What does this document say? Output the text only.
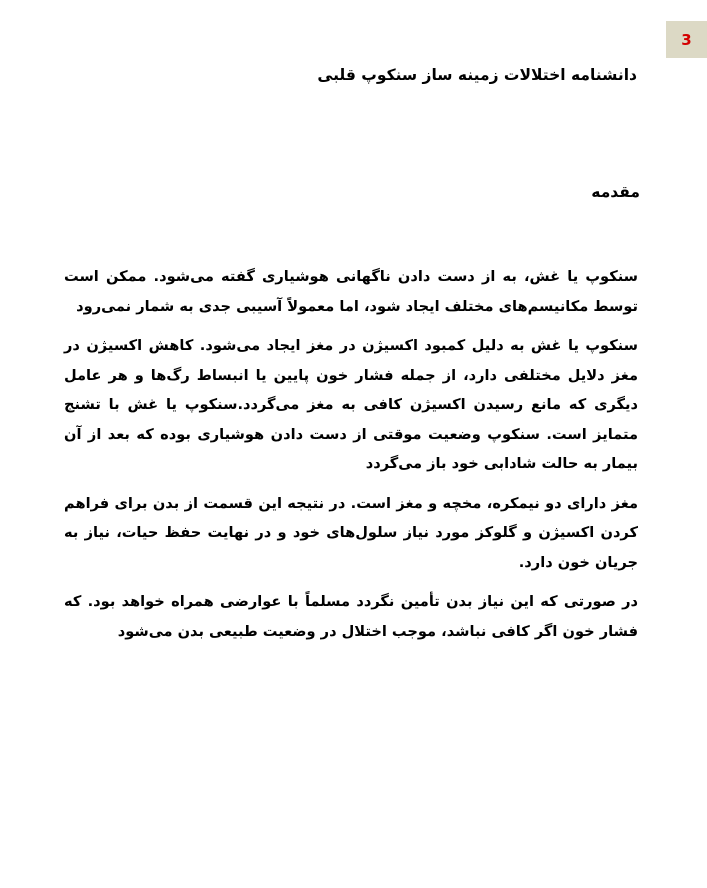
3
دانشنامه اختلالات زمینه ساز سنکوپ قلبی
مقدمه

سنکوپ یا غش، به از دست دادن ناگهانی هوشیاری گفته می‌شود. ممکن است توسط مکانیسم‌های مختلف ایجاد شود، اما معمولاً آسیبی جدی به شمار نمی‌رود

سنکوپ یا غش به دلیل کمبود اکسیژن در مغز ایجاد می‌شود. کاهش اکسیژن در مغز دلایل مختلفی دارد، از جمله فشار خون پایین یا انبساط رگ‌ها و هر عامل دیگری که مانع رسیدن اکسیژن کافی به مغز می‌گردد.سنکوپ یا غش با تشنج متمایز است. سنکوپ وضعیت موقتی از دست دادن هوشیاری بوده که بعد از آن بیمار به حالت شادابی خود باز می‌گردد

مغز دارای دو نیمکره، مخچه و مغز است. در نتیجه این قسمت از بدن برای فراهم کردن اکسیژن و گلوکز مورد نیاز سلول‌های خود و در نهایت حفظ حیات، نیاز به جریان خون دارد.

در صورتی که این نیاز بدن تأمین نگردد مسلماً با عوارضی همراه خواهد بود. که فشار خون اگر کافی نباشد، موجب اختلال در وضعیت طبیعی بدن می‌شود
